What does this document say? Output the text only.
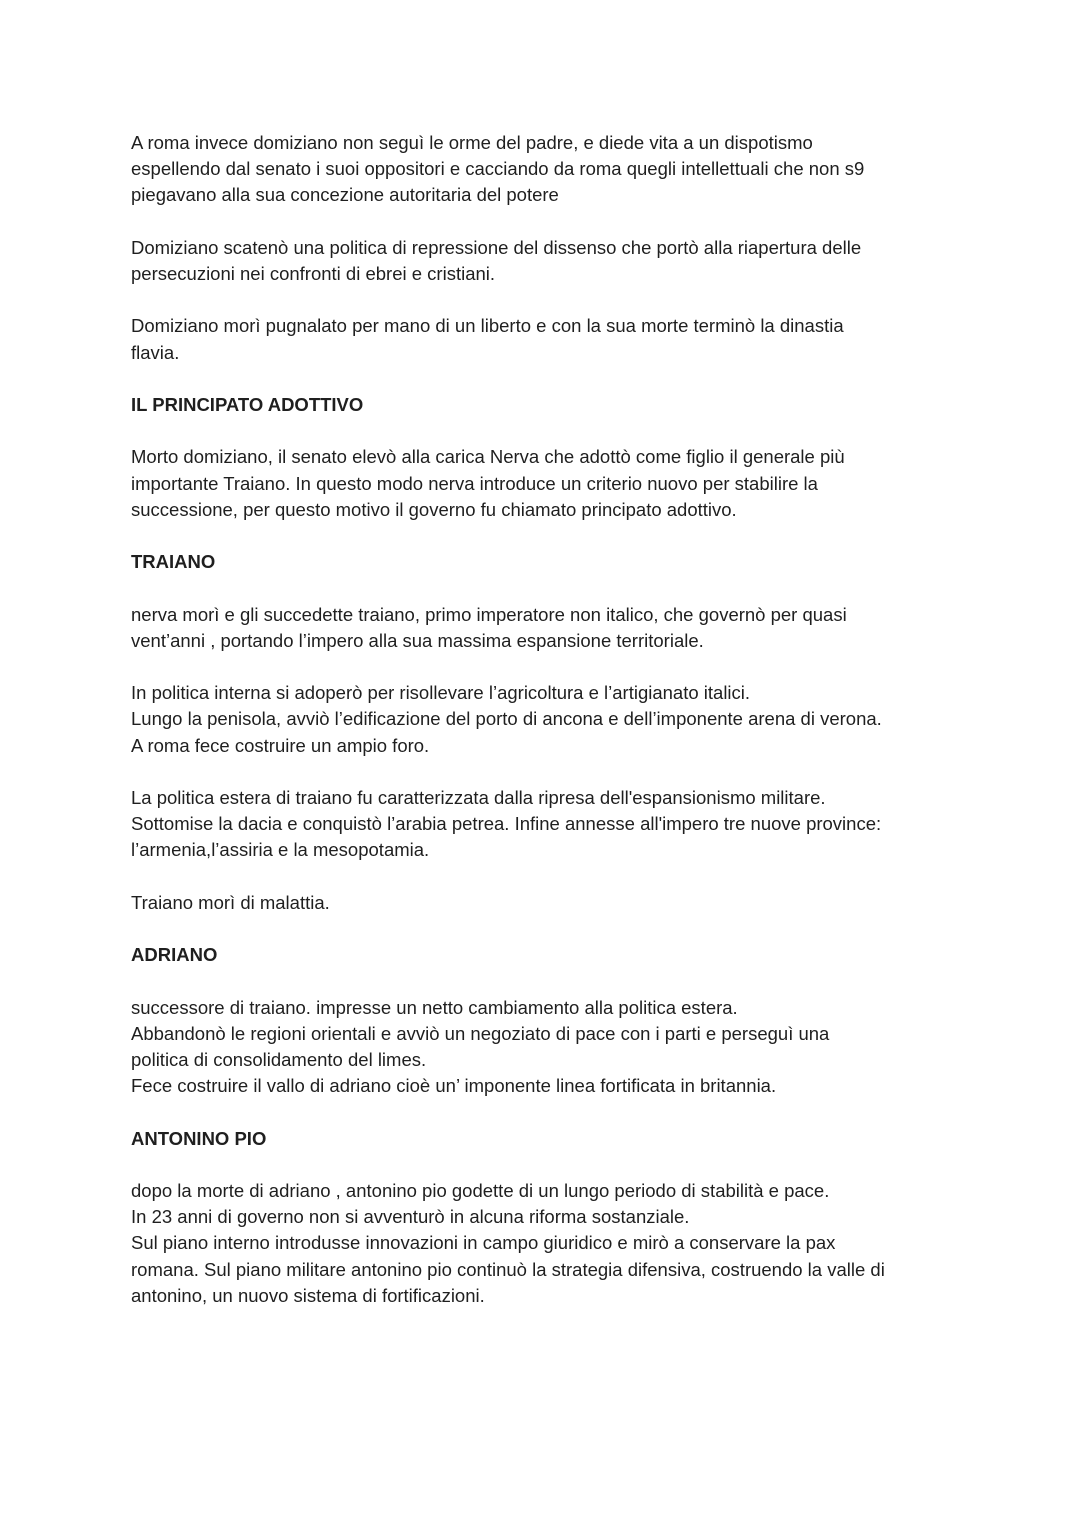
A roma invece domiziano non seguì le orme del padre, e diede vita a un dispotismo
espellendo dal senato i suoi oppositori e cacciando da roma quegli intellettuali che non s9
piegavano alla sua concezione autoritaria del potere

Domiziano scatenò una politica di repressione del dissenso che portò alla riapertura delle
persecuzioni nei confronti di ebrei e cristiani.

Domiziano morì pugnalato per mano di un liberto e con la sua morte terminò la dinastia
flavia.

IL PRINCIPATO ADOTTIVO

Morto domiziano, il senato elevò alla carica Nerva che adottò come figlio il generale più
importante Traiano. In questo modo nerva introduce un criterio nuovo per stabilire la
successione, per questo motivo il governo fu chiamato principato adottivo.

TRAIANO

nerva morì e gli succedette traiano, primo imperatore non italico, che governò per quasi
vent’anni , portando l’impero alla sua massima espansione territoriale.

In politica interna si adoperò per risollevare l’agricoltura e l’artigianato italici.
Lungo la penisola, avviò l’edificazione del porto di ancona e dell’imponente arena di verona.
A roma fece costruire un ampio foro.

La politica estera di traiano fu caratterizzata dalla ripresa dell'espansionismo militare.
Sottomise la dacia e conquistò l’arabia petrea. Infine annesse all'impero tre nuove province:
l’armenia,l’assiria e la mesopotamia.

Traiano morì di malattia.

ADRIANO

successore di traiano. impresse un netto cambiamento alla politica estera.
Abbandonò le regioni orientali e avviò un negoziato di pace con i parti e perseguì una
politica di consolidamento del limes.
Fece costruire il vallo di adriano cioè un’ imponente linea fortificata in britannia.

ANTONINO PIO

dopo la morte di adriano , antonino pio godette di un lungo periodo di stabilità e pace.
In 23 anni di governo non si avventurò in alcuna riforma sostanziale.
Sul piano interno introdusse innovazioni in campo giuridico e mirò a conservare la pax
romana. Sul piano militare antonino pio continuò la strategia difensiva, costruendo la valle di
antonino, un nuovo sistema di fortificazioni.
